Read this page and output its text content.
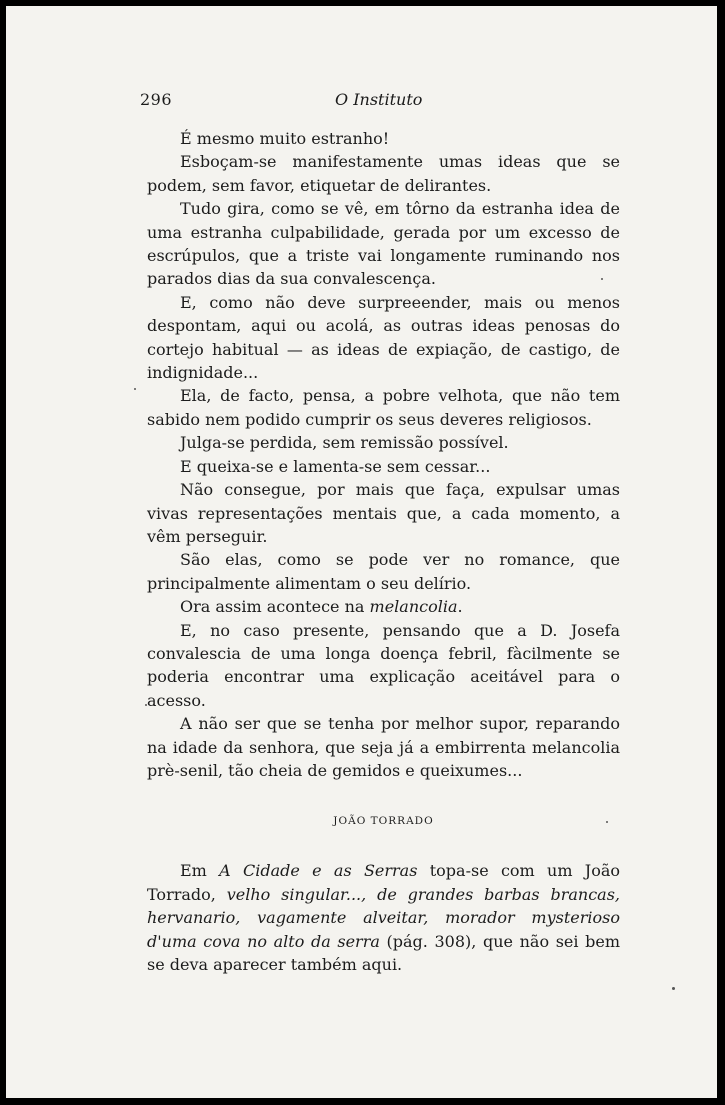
296	O Instituto

É mesmo muito estranho!

Esboçam-se manifestamente umas ideas que se podem, sem favor, etiquetar de delirantes.

Tudo gira, como se vê, em tôrno da estranha idea de uma estranha culpabilidade, gerada por um excesso de escrúpulos, que a triste vai longamente ruminando nos parados dias da sua convalescença.

E, como não deve surpreeender, mais ou menos despontam, aqui ou acolá, as outras ideas penosas do cortejo habitual — as ideas de expiação, de castigo, de indignidade...

Ela, de facto, pensa, a pobre velhota, que não tem sabido nem podido cumprir os seus deveres religiosos.

Julga-se perdida, sem remissão possível.

E queixa-se e lamenta-se sem cessar...

Não consegue, por mais que faça, expulsar umas vivas representações mentais que, a cada momento, a vêm perseguir.

São elas, como se pode ver no romance, que principalmente alimentam o seu delírio.

Ora assim acontece na melancolia.

E, no caso presente, pensando que a D. Josefa convalescia de uma longa doença febril, fàcilmente se poderia encontrar uma explicação aceitável para o acesso.

A não ser que se tenha por melhor supor, reparando na idade da senhora, que seja já a embirrenta melancolia prè-senil, tão cheia de gemidos e queixumes...

JOÃO TORRADO

Em A Cidade e as Serras topa-se com um João Torrado, velho singular..., de grandes barbas brancas, hervanario, vagamente alveitar, morador mysterioso d'uma cova no alto da serra (pág. 308), que não sei bem se deva aparecer também aqui.
